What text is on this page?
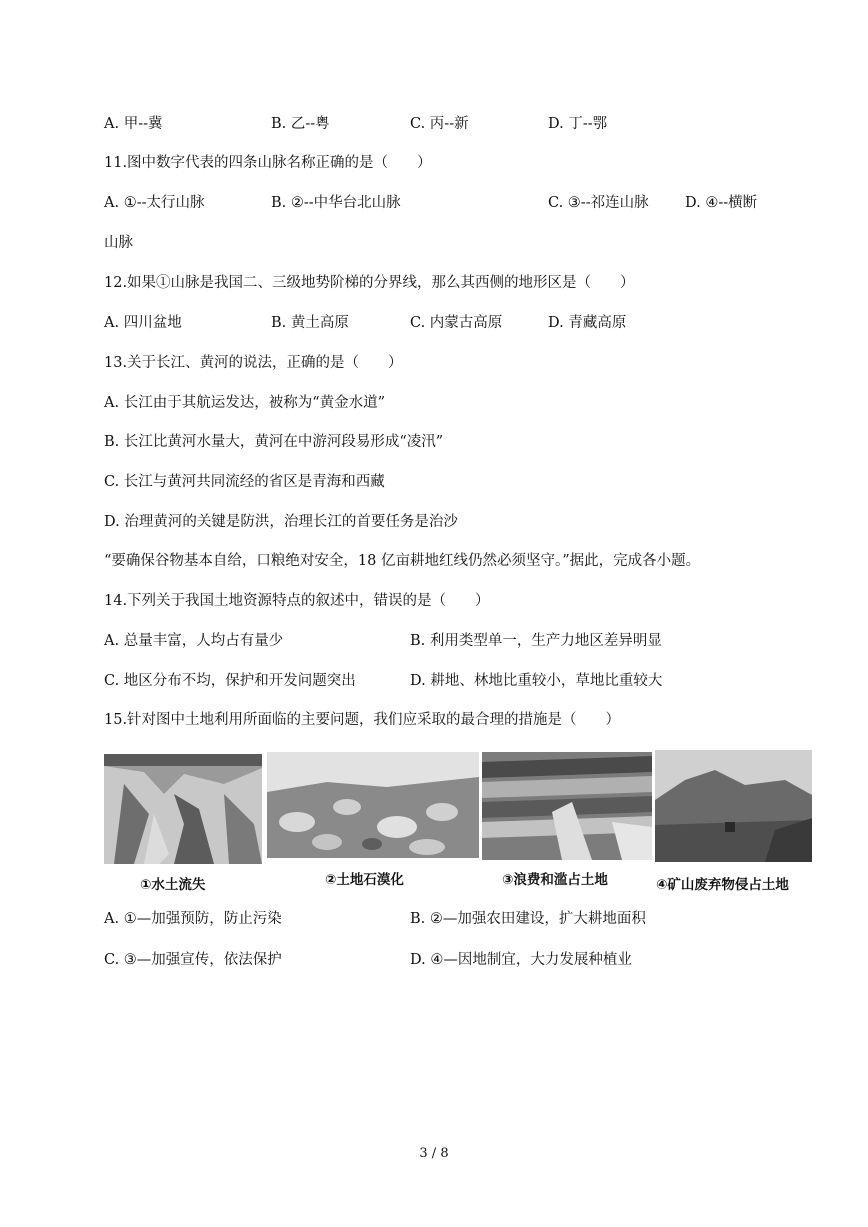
A. 甲--冀	B. 乙--粤	C. 丙--新	D. 丁--鄂
11.图中数字代表的四条山脉名称正确的是（　　）
A. ①--太行山脉	B. ②--中华台北山脉	C. ③--祁连山脉	D. ④--横断
山脉
12.如果①山脉是我国二、三级地势阶梯的分界线，那么其西侧的地形区是（　　）
A. 四川盆地	B. 黄土高原	C. 内蒙古高原	D. 青藏高原
13.关于长江、黄河的说法，正确的是（　　）
A. 长江由于其航运发达，被称为“黄金水道”
B. 长江比黄河水量大，黄河在中游河段易形成“凌汛”
C. 长江与黄河共同流经的省区是青海和西藏
D. 治理黄河的关键是防洪，治理长江的首要任务是治沙
“要确保谷物基本自给，口粮绝对安全，18 亿亩耕地红线仍然必须坚守。”据此，完成各小题。
14.下列关于我国土地资源特点的叙述中，错误的是（　　）
A. 总量丰富，人均占有量少	B. 利用类型单一，生产力地区差异明显
C. 地区分布不均，保护和开发问题突出	D. 耕地、林地比重较小，草地比重较大
15.针对图中土地利用所面临的主要问题，我们应采取的最合理的措施是（　　）
①水土流失	②土地石漠化	③浪费和滥占土地	④矿山废弃物侵占土地
A. ①—加强预防，防止污染	B. ②—加强农田建设，扩大耕地面积
C. ③—加强宣传，依法保护	D. ④—因地制宜，大力发展种植业
3 / 8
